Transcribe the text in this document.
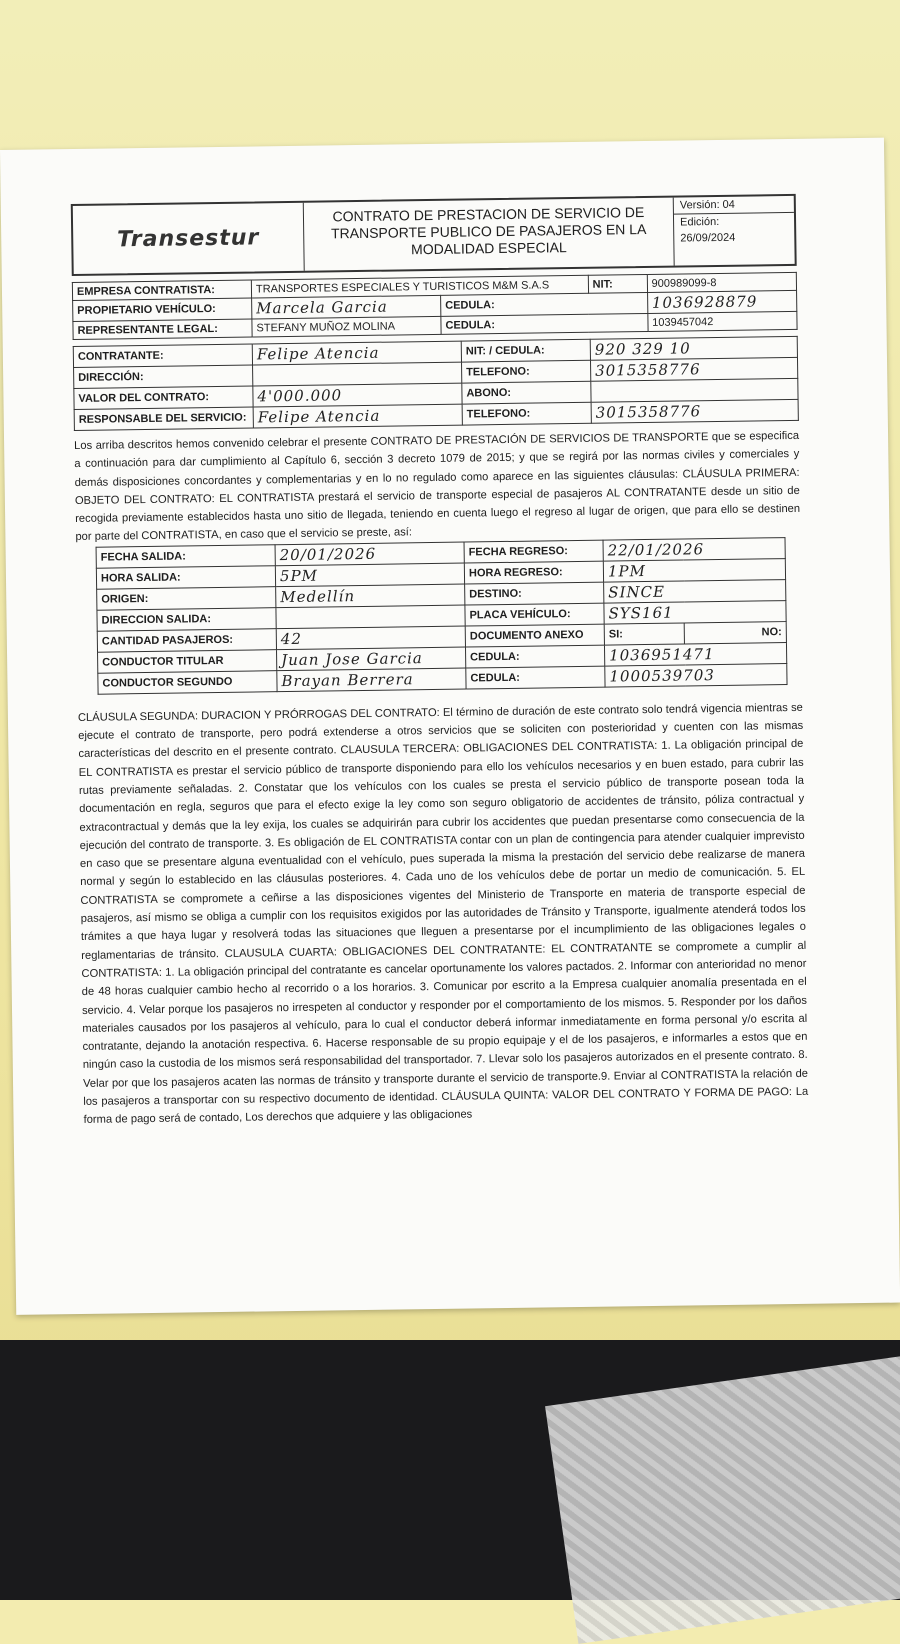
Transestur
CONTRATO DE PRESTACION DE SERVICIO DE TRANSPORTE PUBLICO DE PASAJEROS EN LA MODALIDAD ESPECIAL
Versión: 04
Edición:
26/09/2024
EMPRESA CONTRATISTA:	TRANSPORTES ESPECIALES Y TURISTICOS M&M S.A.S		NIT:	900989099-8
PROPIETARIO VEHÍCULO:	Marcela Garcia	CEDULA:		1036928879
REPRESENTANTE LEGAL:	STEFANY MUÑOZ MOLINA	CEDULA:		1039457042
CONTRATANTE:	Felipe Atencia	NIT: / CEDULA:	920 329 10
DIRECCIÓN:		TELEFONO:	3015358776
VALOR DEL CONTRATO:	4'000.000	ABONO:	
RESPONSABLE DEL SERVICIO:	Felipe Atencia	TELEFONO:	3015358776

Los arriba descritos hemos convenido celebrar el presente CONTRATO DE PRESTACIÓN DE SERVICIOS DE TRANSPORTE que se especifica a continuación para dar cumplimiento al Capítulo 6, sección 3 decreto 1079 de 2015; y que se regirá por las normas civiles y comerciales y demás disposiciones concordantes y complementarias y en lo no regulado como aparece en las siguientes cláusulas: CLÁUSULA PRIMERA: OBJETO DEL CONTRATO: EL CONTRATISTA prestará el servicio de transporte especial de pasajeros AL CONTRATANTE desde un sitio de recogida previamente establecidos hasta uno sitio de llegada, teniendo en cuenta luego el regreso al lugar de origen, que para ello se destinen por parte del CONTRATISTA, en caso que el servicio se preste, así:

FECHA SALIDA:	20/01/2026	FECHA REGRESO:	22/01/2026	
HORA SALIDA:	5PM	HORA REGRESO:	1PM	
ORIGEN:	Medellín	DESTINO:	SINCE	
DIRECCION SALIDA:		PLACA VEHÍCULO:	SYS161	
CANTIDAD PASAJEROS:	42	DOCUMENTO ANEXO	SI:	NO:
CONDUCTOR TITULAR	Juan Jose Garcia	CEDULA:	1036951471	
CONDUCTOR SEGUNDO	Brayan Berrera	CEDULA:	1000539703	

CLÁUSULA SEGUNDA: DURACION Y PRÓRROGAS DEL CONTRATO: El término de duración de este contrato solo tendrá vigencia mientras se ejecute el contrato de transporte, pero podrá extenderse a otros servicios que se soliciten con posterioridad y cuenten con las mismas características del descrito en el presente contrato. CLAUSULA TERCERA: OBLIGACIONES DEL CONTRATISTA: 1. La obligación principal de EL CONTRATISTA es prestar el servicio público de transporte disponiendo para ello los vehículos necesarios y en buen estado, para cubrir las rutas previamente señaladas. 2. Constatar que los vehículos con los cuales se presta el servicio público de transporte posean toda la documentación en regla, seguros que para el efecto exige la ley como son seguro obligatorio de accidentes de tránsito, póliza contractual y extracontractual y demás que la ley exija, los cuales se adquirirán para cubrir los accidentes que puedan presentarse como consecuencia de la ejecución del contrato de transporte. 3. Es obligación de EL CONTRATISTA contar con un plan de contingencia para atender cualquier imprevisto en caso que se presentare alguna eventualidad con el vehículo, pues superada la misma la prestación del servicio debe realizarse de manera normal y según lo establecido en las cláusulas posteriores. 4. Cada uno de los vehículos debe de portar un medio de comunicación. 5. EL CONTRATISTA se compromete a ceñirse a las disposiciones vigentes del Ministerio de Transporte en materia de transporte especial de pasajeros, así mismo se obliga a cumplir con los requisitos exigidos por las autoridades de Tránsito y Transporte, igualmente atenderá todos los trámites a que haya lugar y resolverá todas las situaciones que lleguen a presentarse por el incumplimiento de las obligaciones legales o reglamentarias de tránsito. CLAUSULA CUARTA: OBLIGACIONES DEL CONTRATANTE: EL CONTRATANTE se compromete a cumplir al CONTRATISTA: 1. La obligación principal del contratante es cancelar oportunamente los valores pactados. 2. Informar con anterioridad no menor de 48 horas cualquier cambio hecho al recorrido o a los horarios. 3. Comunicar por escrito a la Empresa cualquier anomalía presentada en el servicio. 4. Velar porque los pasajeros no irrespeten al conductor y responder por el comportamiento de los mismos. 5. Responder por los daños materiales causados por los pasajeros al vehículo, para lo cual el conductor deberá informar inmediatamente en forma personal y/o escrita al contratante, dejando la anotación respectiva. 6. Hacerse responsable de su propio equipaje y el de los pasajeros, e informarles a estos que en ningún caso la custodia de los mismos será responsabilidad del transportador. 7. Llevar solo los pasajeros autorizados en el presente contrato. 8. Velar por que los pasajeros acaten las normas de tránsito y transporte durante el servicio de transporte.9. Enviar al CONTRATISTA la relación de los pasajeros a transportar con su respectivo documento de identidad. CLÁUSULA QUINTA: VALOR DEL CONTRATO Y FORMA DE PAGO: La forma de pago será de contado, Los derechos que adquiere y las obligaciones
